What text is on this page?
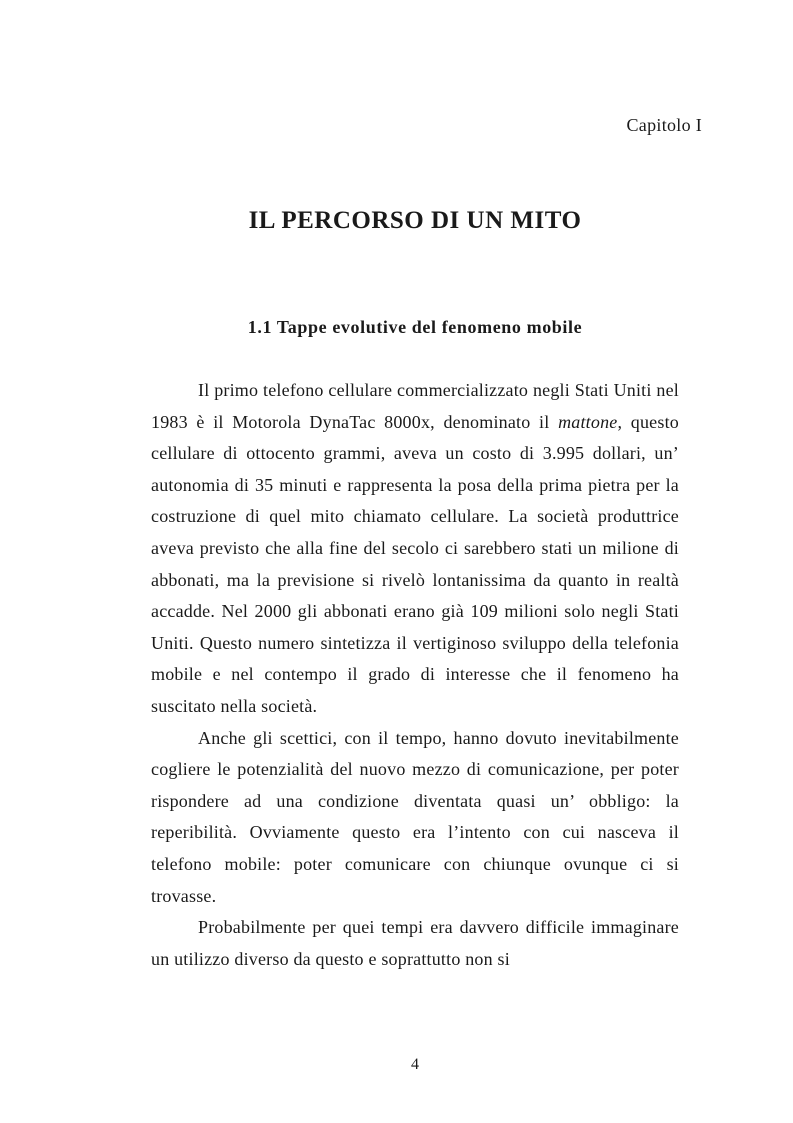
Capitolo I
IL PERCORSO DI UN MITO
1.1 Tappe evolutive del fenomeno mobile

Il primo telefono cellulare commercializzato negli Stati Uniti nel 1983 è il Motorola DynaTac 8000x, denominato il mattone, questo cellulare di ottocento grammi, aveva un costo di 3.995 dollari, un’ autonomia di 35 minuti e rappresenta la posa della prima pietra per la costruzione di quel mito chiamato cellulare. La società produttrice aveva previsto che alla fine del secolo ci sarebbero stati un milione di abbonati, ma la previsione si rivelò lontanissima da quanto in realtà accadde. Nel 2000 gli abbonati erano già 109 milioni solo negli Stati Uniti. Questo numero sintetizza il vertiginoso sviluppo della telefonia mobile e nel contempo il grado di interesse che il fenomeno ha suscitato nella società.

Anche gli scettici, con il tempo, hanno dovuto inevitabilmente cogliere le potenzialità del nuovo mezzo di comunicazione, per poter rispondere ad una condizione diventata quasi un’ obbligo: la reperibilità. Ovviamente questo era l’intento con cui nasceva il telefono mobile: poter comunicare con chiunque ovunque ci si trovasse.

Probabilmente per quei tempi era davvero difficile immaginare un utilizzo diverso da questo e soprattutto non si

4
